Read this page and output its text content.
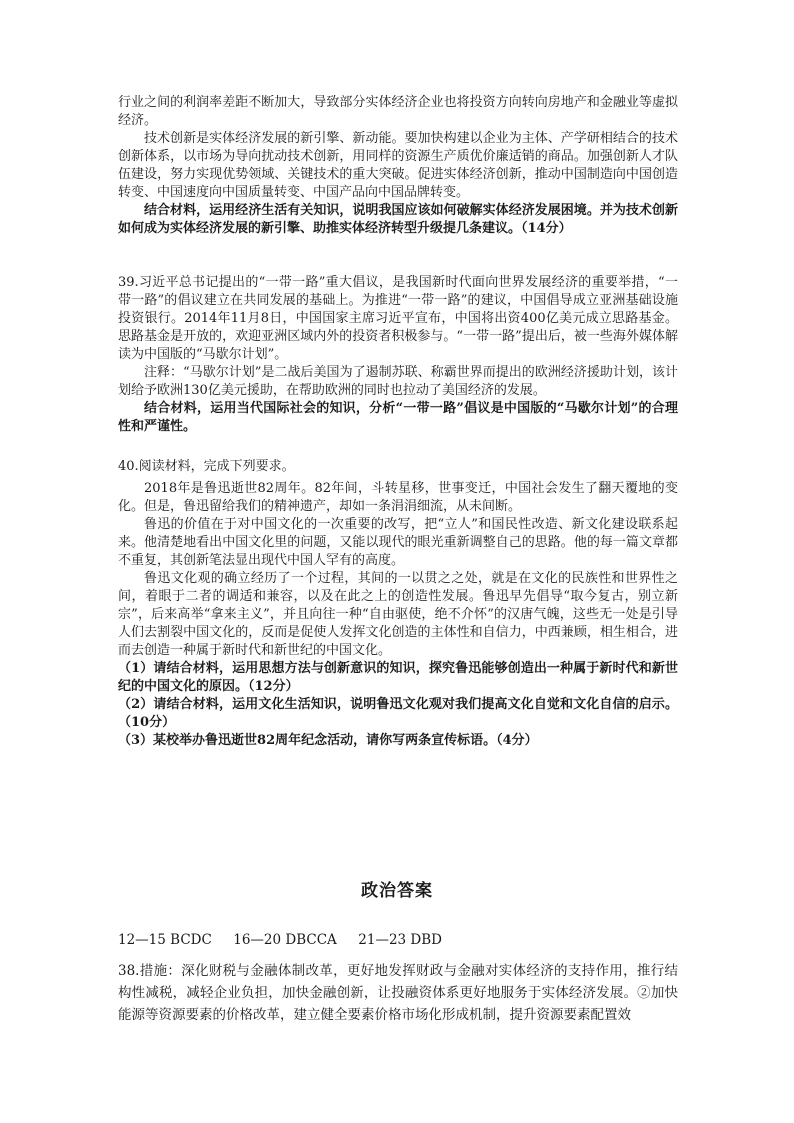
行业之间的利润率差距不断加大，导致部分实体经济企业也将投资方向转向房地产和金融业等虚拟经济。

技术创新是实体经济发展的新引擎、新动能。要加快构建以企业为主体、产学研相结合的技术创新体系，以市场为导向扰动技术创新，用同样的资源生产质优价廉适销的商品。加强创新人才队伍建设，努力实现优势领域、关键技术的重大突破。促进实体经济创新，推动中国制造向中国创造转变、中国速度向中国质量转变、中国产品向中国品牌转变。

结合材料，运用经济生活有关知识，说明我国应该如何破解实体经济发展困境。并为技术创新如何成为实体经济发展的新引擎、助推实体经济转型升级提几条建议。（14分）

39.习近平总书记提出的“一带一路”重大倡议，是我国新时代面向世界发展经济的重要举措，“一带一路”的倡议建立在共同发展的基础上。为推进“一带一路”的建议，中国倡导成立亚洲基础设施投资银行。2014年11月8日，中国国家主席习近平宣布，中国将出资400亿美元成立思路基金。思路基金是开放的，欢迎亚洲区域内外的投资者积极参与。“一带一路”提出后，被一些海外媒体解读为中国版的“马歇尔计划”。

注释：“马歇尔计划”是二战后美国为了遏制苏联、称霸世界而提出的欧洲经济援助计划，该计划给予欧洲130亿美元援助，在帮助欧洲的同时也拉动了美国经济的发展。

结合材料，运用当代国际社会的知识，分析“一带一路”倡议是中国版的“马歇尔计划”的合理性和严谨性。

40.阅读材料，完成下列要求。

2018年是鲁迅逝世82周年。82年间，斗转星移，世事变迁，中国社会发生了翻天覆地的变化。但是，鲁迅留给我们的精神遗产，却如一条涓涓细流，从未间断。

鲁迅的价值在于对中国文化的一次重要的改写，把“立人”和国民性改造、新文化建设联系起来。他清楚地看出中国文化里的问题，又能以现代的眼光重新调整自己的思路。他的每一篇文章都不重复，其创新笔法显出现代中国人罕有的高度。

鲁迅文化观的确立经历了一个过程，其间的一以贯之之处，就是在文化的民族性和世界性之间，着眼于二者的调适和兼容，以及在此之上的创造性发展。鲁迅早先倡导“取今复古，别立新宗”，后来高举“拿来主义”，并且向往一种“自由驱使，绝不介怀”的汉唐气魄，这些无一处是引导人们去割裂中国文化的，反而是促使人发挥文化创造的主体性和自信力，中西兼顾，相生相合，进而去创造一种属于新时代和新世纪的中国文化。

（1）请结合材料，运用思想方法与创新意识的知识，探究鲁迅能够创造出一种属于新时代和新世纪的中国文化的原因。（12分）

（2）请结合材料，运用文化生活知识，说明鲁迅文化观对我们提高文化自觉和文化自信的启示。（10分）

（3）某校举办鲁迅逝世82周年纪念活动，请你写两条宣传标语。（4分）

政治答案
12—15 BCDC     16—20 DBCCA     21—23 DBD

38.措施：深化财税与金融体制改革，更好地发挥财政与金融对实体经济的支持作用，推行结构性减税，减轻企业负担，加快金融创新，让投融资体系更好地服务于实体经济发展。②加快能源等资源要素的价格改革，建立健全要素价格市场化形成机制，提升资源要素配置效
